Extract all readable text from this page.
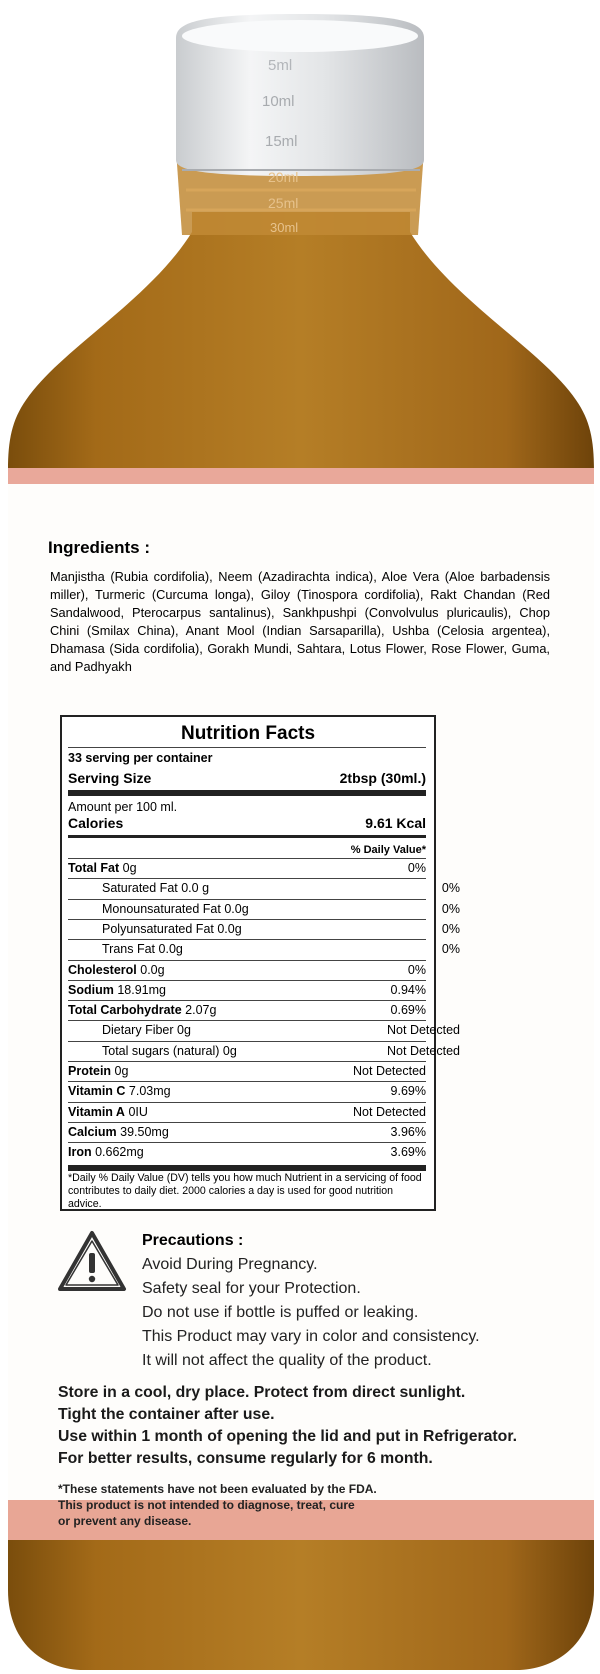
5ml
10ml
15ml
20ml
25ml
30ml
Ingredients :
Manjistha (Rubia cordifolia), Neem (Azadirachta indica), Aloe Vera (Aloe barbadensis miller), Turmeric (Curcuma longa), Giloy (Tinospora cordifolia), Rakt Chandan (Red Sandalwood, Pterocarpus santalinus), Sankhpushpi (Convolvulus pluricaulis), Chop Chini (Smilax China), Anant Mool (Indian Sarsaparilla), Ushba (Celosia argentea), Dhamasa (Sida cordifolia), Gorakh Mundi, Sahtara, Lotus Flower, Rose Flower, Guma, and Padhyakh
Nutrition Facts
33 serving per container
Serving Size	2tbsp (30ml.)
Amount per 100 ml.
Calories	9.61 Kcal
% Daily Value*
Total Fat 0g	0%
Saturated Fat 0.0 g	0%
Monounsaturated Fat 0.0g	0%
Polyunsaturated Fat 0.0g	0%
Trans Fat 0.0g	0%
Cholesterol 0.0g	0%
Sodium 18.91mg	0.94%
Total Carbohydrate 2.07g	0.69%
Dietary Fiber 0g	Not Detected
Total sugars (natural) 0g	Not Detected
Protein 0g	Not Detected
Vitamin C 7.03mg	9.69%
Vitamin A 0IU	Not Detected
Calcium 39.50mg	3.96%
Iron 0.662mg	3.69%
*Daily % Daily Value (DV) tells you how much Nutrient in a servicing of food contributes to daily diet. 2000 calories a day is used for good nutrition advice.
Precautions :
Avoid During Pregnancy.
Safety seal for your Protection.
Do not use if bottle is puffed or leaking.
This Product may vary in color and consistency.
It will not affect the quality of the product.
Store in a cool, dry place. Protect from direct sunlight.
Tight the container after use.
Use within 1 month of opening the lid and put in Refrigerator.
For better results, consume regularly for 6 month.
*These statements have not been evaluated by the FDA.
This product is not intended to diagnose, treat, cure
or prevent any disease.
